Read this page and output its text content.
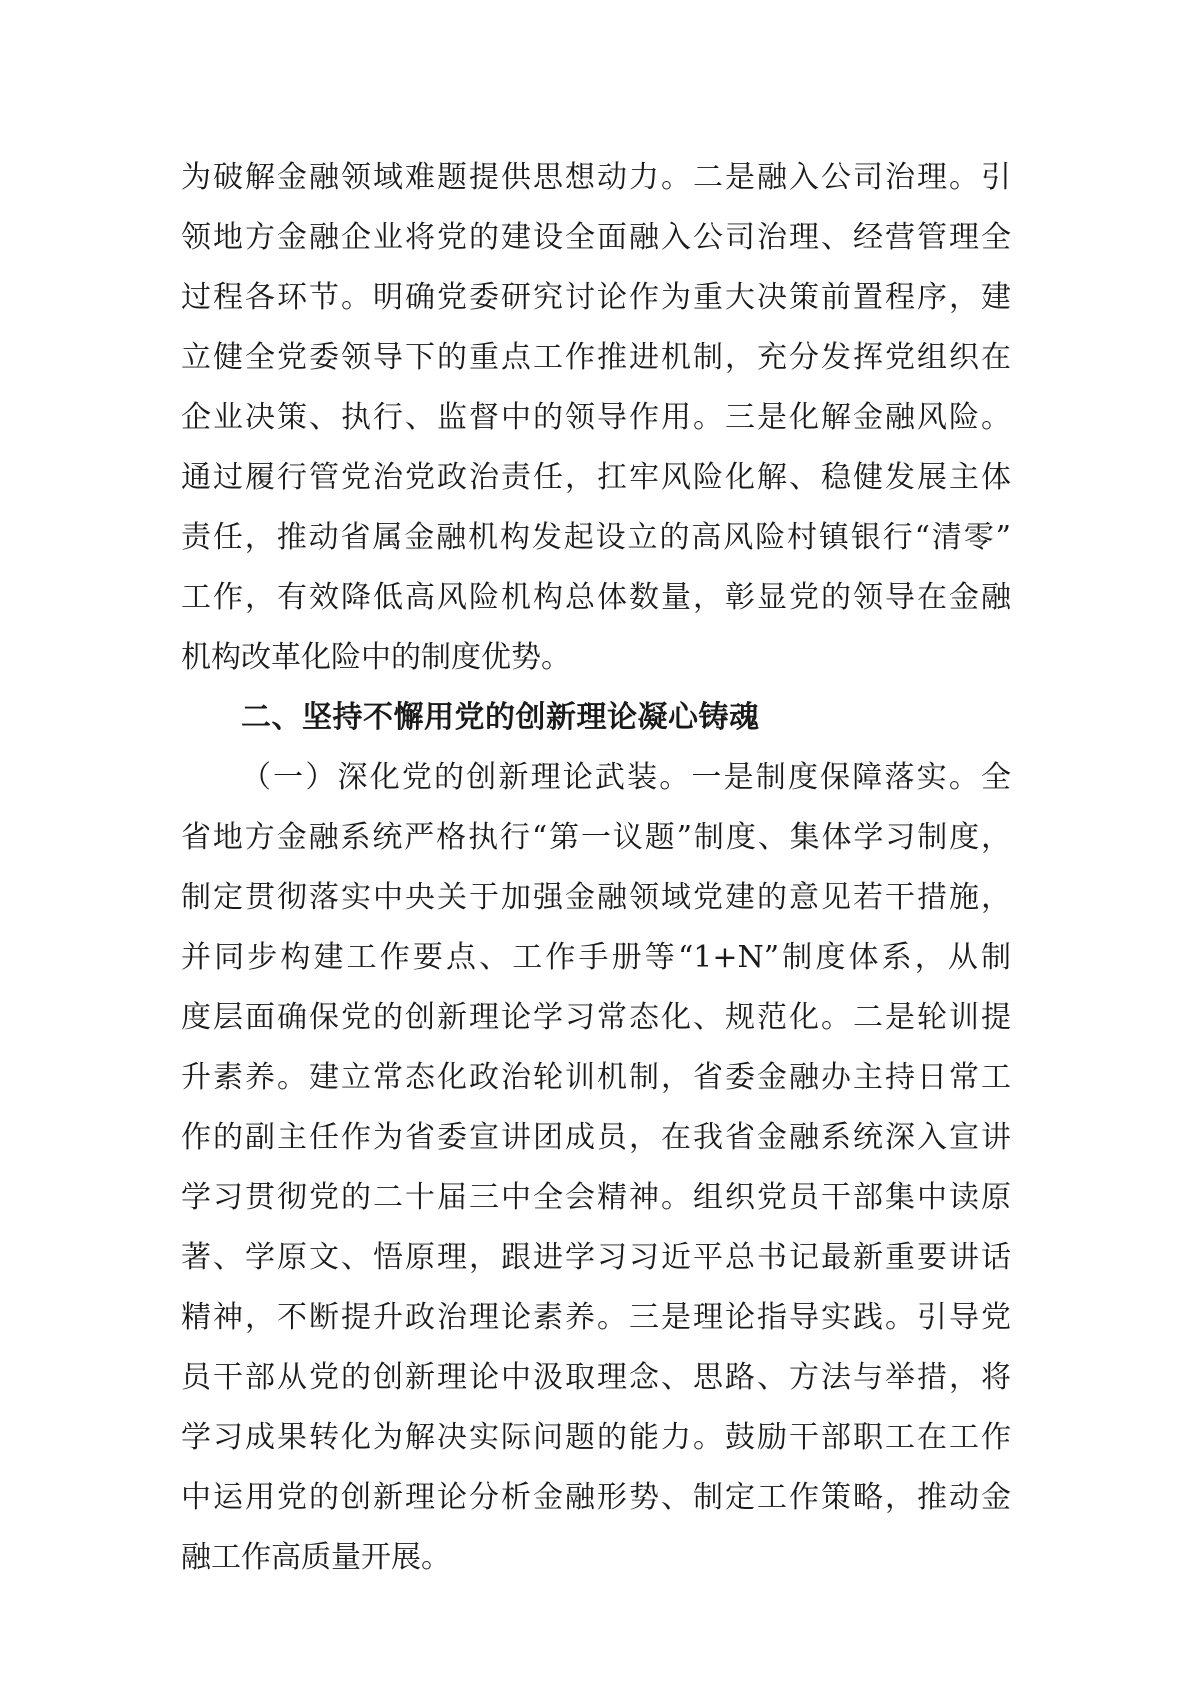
为破解金融领域难题提供思想动力。二是融入公司治理。引
领地方金融企业将党的建设全面融入公司治理、经营管理全
过程各环节。明确党委研究讨论作为重大决策前置程序，建
立健全党委领导下的重点工作推进机制，充分发挥党组织在
企业决策、执行、监督中的领导作用。三是化解金融风险。
通过履行管党治党政治责任，扛牢风险化解、稳健发展主体
责任，推动省属金融机构发起设立的高风险村镇银行“清零”
工作，有效降低高风险机构总体数量，彰显党的领导在金融
机构改革化险中的制度优势。
二、坚持不懈用党的创新理论凝心铸魂
（一）深化党的创新理论武装。一是制度保障落实。全
省地方金融系统严格执行“第一议题”制度、集体学习制度，
制定贯彻落实中央关于加强金融领域党建的意见若干措施，
并同步构建工作要点、工作手册等“1+N”制度体系，从制
度层面确保党的创新理论学习常态化、规范化。二是轮训提
升素养。建立常态化政治轮训机制，省委金融办主持日常工
作的副主任作为省委宣讲团成员，在我省金融系统深入宣讲
学习贯彻党的二十届三中全会精神。组织党员干部集中读原
著、学原文、悟原理，跟进学习习近平总书记最新重要讲话
精神，不断提升政治理论素养。三是理论指导实践。引导党
员干部从党的创新理论中汲取理念、思路、方法与举措，将
学习成果转化为解决实际问题的能力。鼓励干部职工在工作
中运用党的创新理论分析金融形势、制定工作策略，推动金
融工作高质量开展。
